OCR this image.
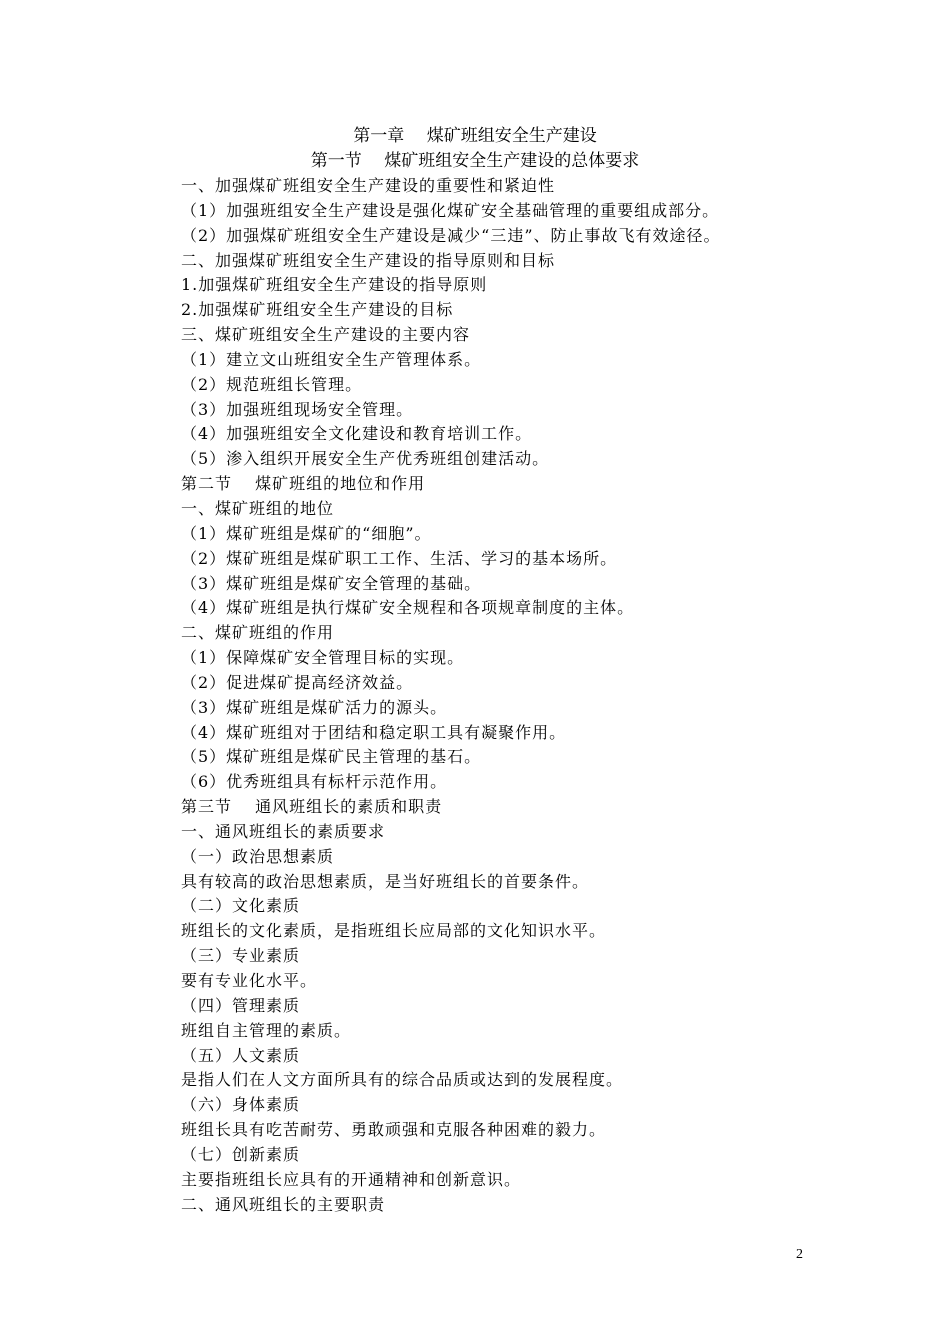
第一章　 煤矿班组安全生产建设
第一节　 煤矿班组安全生产建设的总体要求
一、加强煤矿班组安全生产建设的重要性和紧迫性
（1）加强班组安全生产建设是强化煤矿安全基础管理的重要组成部分。
（2）加强煤矿班组安全生产建设是减少“三违”、防止事故飞有效途径。
二、加强煤矿班组安全生产建设的指导原则和目标
1.加强煤矿班组安全生产建设的指导原则
2.加强煤矿班组安全生产建设的目标
三、煤矿班组安全生产建设的主要内容
（1）建立文山班组安全生产管理体系。
（2）规范班组长管理。
（3）加强班组现场安全管理。
（4）加强班组安全文化建设和教育培训工作。
（5）渗入组织开展安全生产优秀班组创建活动。
第二节　 煤矿班组的地位和作用
一、煤矿班组的地位
（1）煤矿班组是煤矿的“细胞”。
（2）煤矿班组是煤矿职工工作、生活、学习的基本场所。
（3）煤矿班组是煤矿安全管理的基础。
（4）煤矿班组是执行煤矿安全规程和各项规章制度的主体。
二、煤矿班组的作用
（1）保障煤矿安全管理目标的实现。
（2）促进煤矿提高经济效益。
（3）煤矿班组是煤矿活力的源头。
（4）煤矿班组对于团结和稳定职工具有凝聚作用。
（5）煤矿班组是煤矿民主管理的基石。
（6）优秀班组具有标杆示范作用。
第三节　 通风班组长的素质和职责
一、通风班组长的素质要求
（一）政治思想素质
具有较高的政治思想素质，是当好班组长的首要条件。
（二）文化素质
班组长的文化素质，是指班组长应局部的文化知识水平。
（三）专业素质
要有专业化水平。
（四）管理素质
班组自主管理的素质。
（五）人文素质
是指人们在人文方面所具有的综合品质或达到的发展程度。
（六）身体素质
班组长具有吃苦耐劳、勇敢顽强和克服各种困难的毅力。
（七）创新素质
主要指班组长应具有的开通精神和创新意识。
二、通风班组长的主要职责
2
